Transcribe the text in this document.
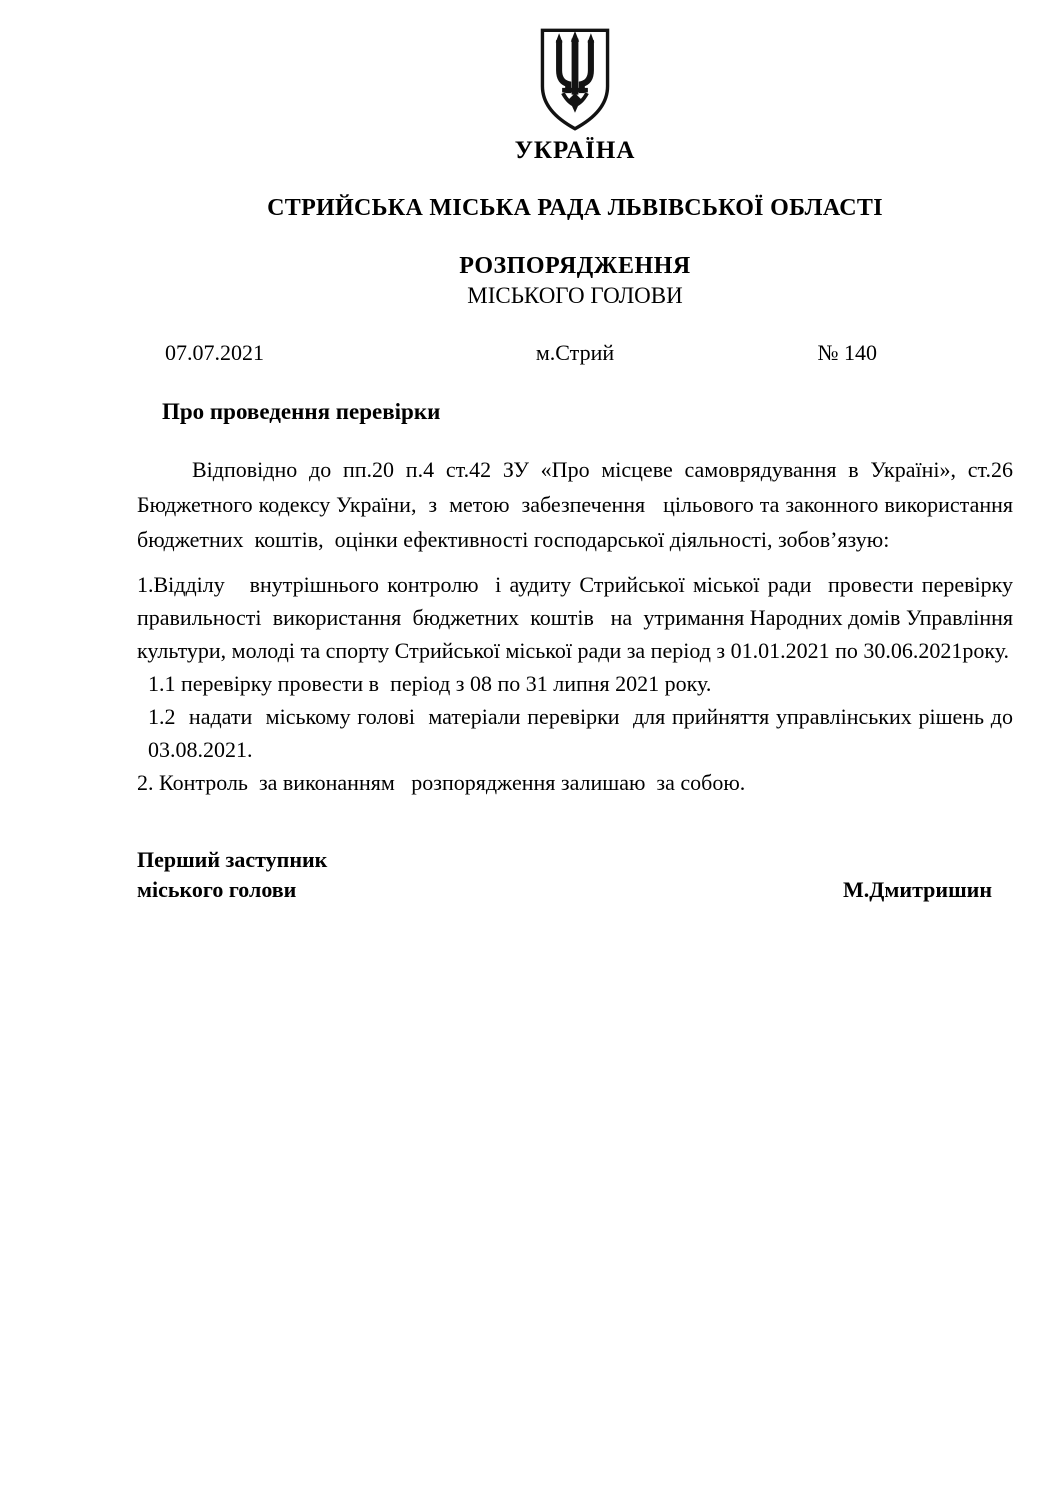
УКРАЇНА
СТРИЙСЬКА МІСЬКА РАДА ЛЬВІВСЬКОЇ ОБЛАСТІ
РОЗПОРЯДЖЕННЯ
МІСЬКОГО ГОЛОВИ
07.07.2021	м.Стрий	№ 140
Про проведення перевірки

Відповідно до пп.20 п.4 ст.42 ЗУ «Про місцеве самоврядування в Україні», ст.26 Бюджетного кодексу України,  з  метою  забезпечення   цільового та законного використання  бюджетних  коштів,  оцінки ефективності господарської діяльності, зобов’язую:

1.Відділу   внутрішнього контролю  і аудиту Стрийської міської ради  провести перевірку  правильності  використання  бюджетних  коштів   на  утримання Народних домів Управління культури, молоді та спорту Стрийської міської ради за період з 01.01.2021 по 30.06.2021року.

1.1 перевірку провести в  період з 08 по 31 липня 2021 року.

1.2  надати  міському голові  матеріали перевірки  для прийняття управлінських рішень до  03.08.2021.

2. Контроль  за виконанням   розпорядження залишаю  за собою.

Перший заступник
міського голови	М.Дмитришин
